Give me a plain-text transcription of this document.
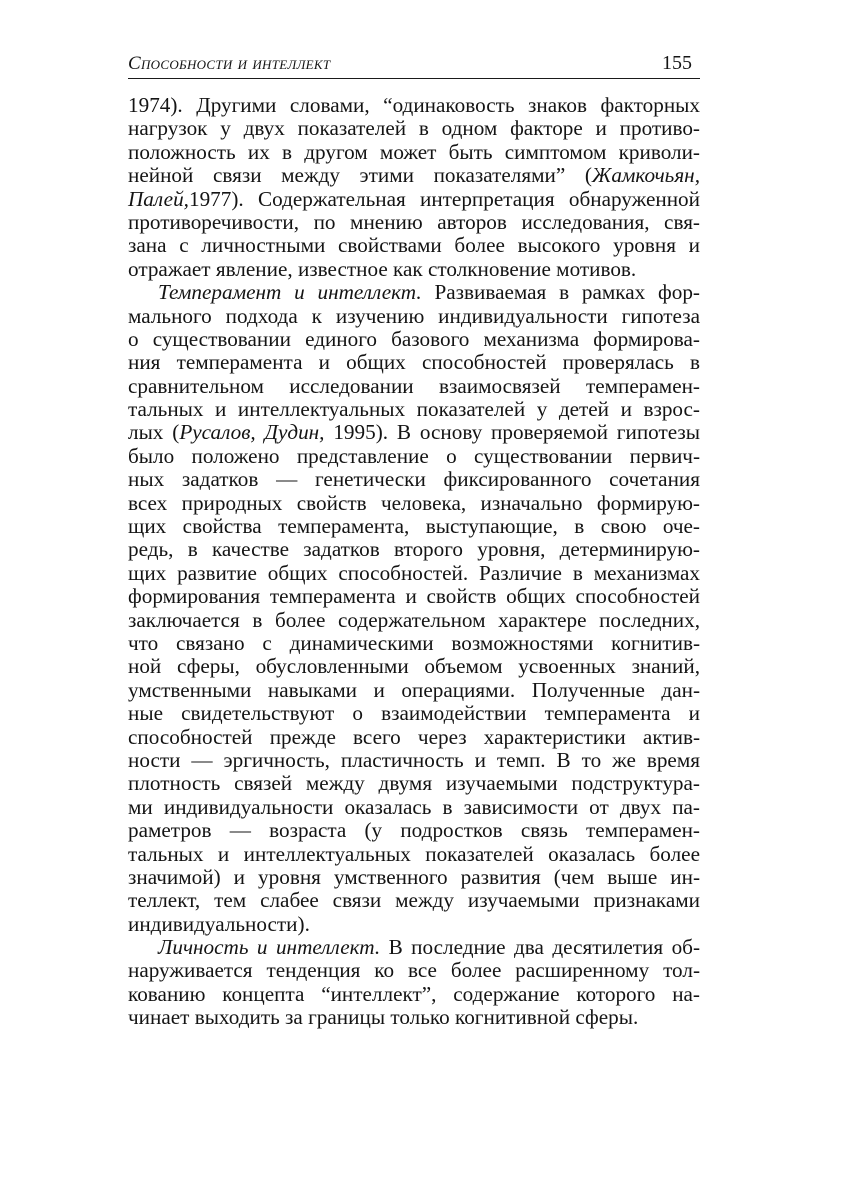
Способности и интеллект	155
1974). Другими словами, “одинаковость знаков факторных
нагрузок у двух показателей в одном факторе и противо-
положность их в другом может быть симптомом криволи-
нейной связи между этими показателями” (Жамкочьян,
Палей,1977). Содержательная интерпретация обнаруженной
противоречивости, по мнению авторов исследования, свя-
зана с личностными свойствами более высокого уровня и
отражает явление, известное как столкновение мотивов.
Темперамент и интеллект. Развиваемая в рамках фор-
мального подхода к изучению индивидуальности гипотеза
о существовании единого базового механизма формирова-
ния темперамента и общих способностей проверялась в
сравнительном исследовании взаимосвязей темперамен-
тальных и интеллектуальных показателей у детей и взрос-
лых (Русалов, Дудин, 1995). В основу проверяемой гипотезы
было положено представление о существовании первич-
ных задатков — генетически фиксированного сочетания
всех природных свойств человека, изначально формирую-
щих свойства темперамента, выступающие, в свою оче-
редь, в качестве задатков второго уровня, детерминирую-
щих развитие общих способностей. Различие в механизмах
формирования темперамента и свойств общих способностей
заключается в более содержательном характере последних,
что связано с динамическими возможностями когнитив-
ной сферы, обусловленными объемом усвоенных знаний,
умственными навыками и операциями. Полученные дан-
ные свидетельствуют о взаимодействии темперамента и
способностей прежде всего через характеристики актив-
ности — эргичность, пластичность и темп. В то же время
плотность связей между двумя изучаемыми подструктура-
ми индивидуальности оказалась в зависимости от двух па-
раметров — возраста (у подростков связь темперамен-
тальных и интеллектуальных показателей оказалась более
значимой) и уровня умственного развития (чем выше ин-
теллект, тем слабее связи между изучаемыми признаками
индивидуальности).
Личность и интеллект. В последние два десятилетия об-
наруживается тенденция ко все более расширенному тол-
кованию концепта “интеллект”, содержание которого на-
чинает выходить за границы только когнитивной сферы.
